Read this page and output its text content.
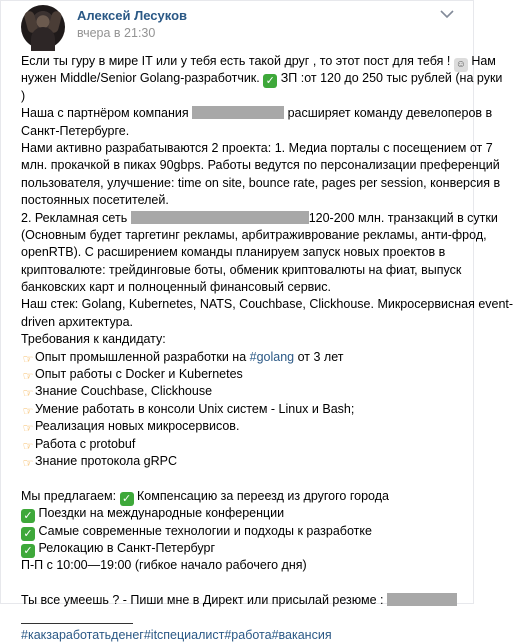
Алексей Лесуков
вчера в 21:30
Если ты гуру в мире IT или у тебя есть такой друг , то этот пост для тебя ! ☺ Нам
нужен Middle/Senior Golang-разработчик. ✓ ЗП :от 120 до 250 тыс рублей (на руки
)
Наша с партнёром компания	расширяет команду девелоперов в
Санкт-Петербурге.
Нами активно разрабатываются 2 проекта: 1. Медиа порталы с посещением от 7
млн. прокачкой в пиках 90gbps. Работы ведутся по персонализации преференций
пользователя, улучшение: time on site, bounce rate, pages per session, конверсия в
постоянных посетителей.
2. Рекламная сеть	120-200 млн. транзакций в сутки
(Основным будет таргетинг рекламы, арбитраживрование рекламы, анти-фрод,
openRTB). С расширением команды планируем запуск новых проектов в
криптовалюте: трейдинговые боты, обменик криптовалюты на фиат, выпуск
банковских карт и полноценный финансовый сервис.
Наш стек: Golang, Kubernetes, NATS, Couchbase, Clickhouse. Микросервисная event-
driven архитектура.
Требования к кандидату:
☞ Опыт промышленной разработки на #golang от 3 лет
☞ Опыт работы с Docker и Kubernetes
☞ Знание Couchbase, Clickhouse
☞ Умение работать в консоли Unix систем - Linux и Bash;
☞ Реализация новых микросервисов.
☞ Работа с protobuf
☞ Знание протокола gRPC
Мы предлагаем: ✓ Компенсацию за переезд из другого города
✓ Поездки на международные конференции
✓ Самые современные технологии и подходы к разработке
✓ Релокацию в Санкт-Петербург
П-П с 10:00—19:00 (гибкое начало рабочего дня)
Ты все умеешь ? - Пиши мне в Директ или присылай резюме :
#какзаработатьденег#itспециалист#работа#вакансия
